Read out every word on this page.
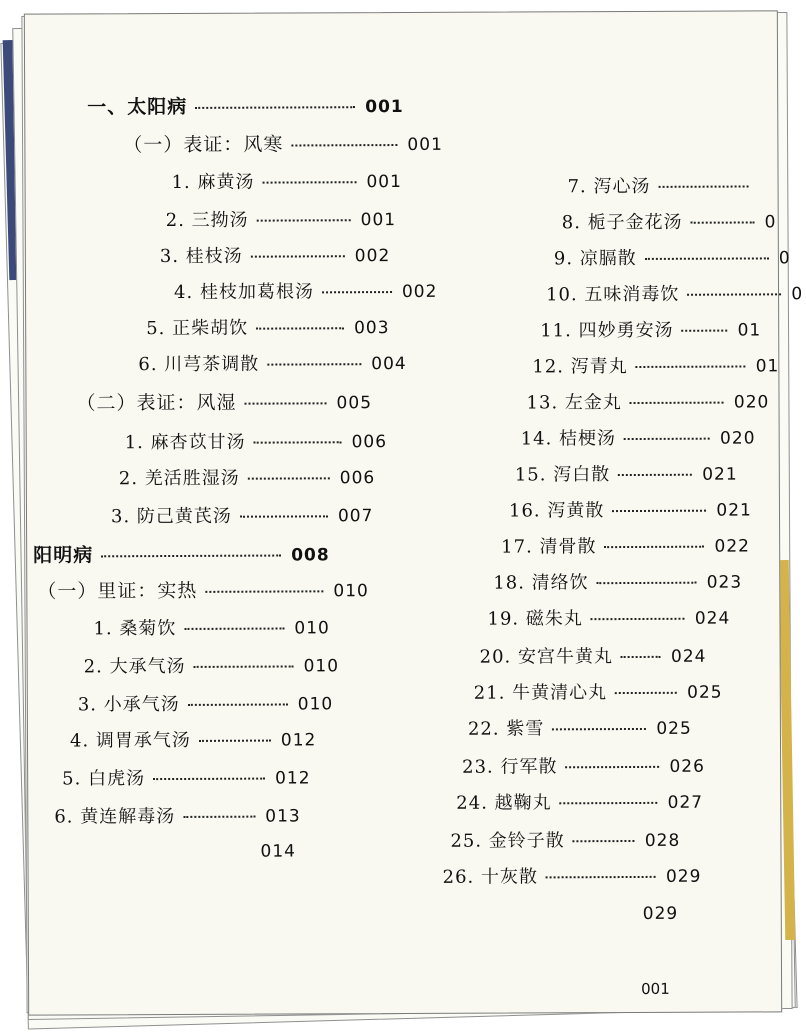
一、太阳病	001
（一）表证：风寒	001
1. 麻黄汤	001
2. 三拗汤	001
3. 桂枝汤	002
4. 桂枝加葛根汤	002
5. 正柴胡饮	003
6. 川芎茶调散	004
（二）表证：风湿	005
1. 麻杏苡甘汤	006
2. 羌活胜湿汤	006
3. 防己黄芪汤	007
阳明病	008
（一）里证：实热	010
1. 桑菊饮	010
2. 大承气汤	010
3. 小承气汤	010
4. 调胃承气汤	012
5. 白虎汤	012
6. 黄连解毒汤	013
7. 泻心汤
8. 栀子金花汤	0
9. 凉膈散	0
10. 五味消毒饮	0
11. 四妙勇安汤	01
12. 泻青丸	01
13. 左金丸	020
14. 桔梗汤	020
15. 泻白散	021
16. 泻黄散	021
17. 清骨散	022
18. 清络饮	023
19. 磁朱丸	024
20. 安宫牛黄丸	024
21. 牛黄清心丸	025
22. 紫雪	025
23. 行军散	026
24. 越鞠丸	027
25. 金铃子散	028
26. 十灰散	029
014
029
001
